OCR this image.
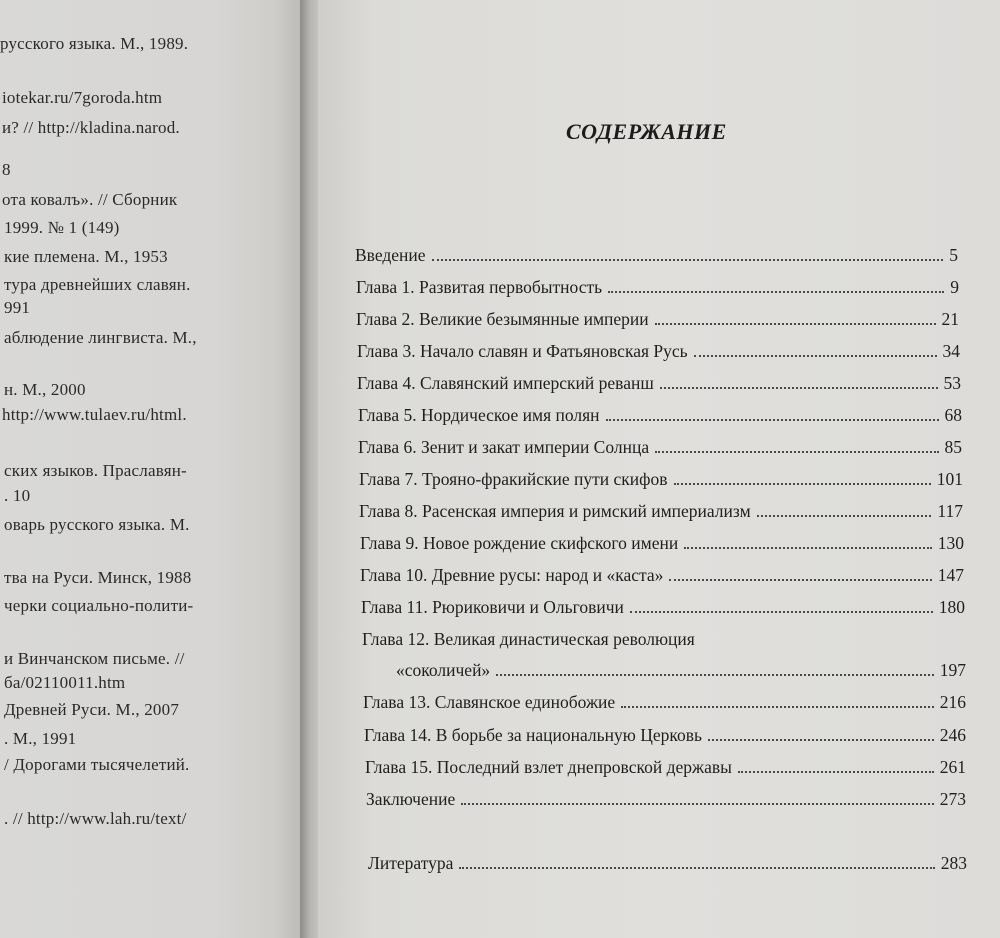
русского языка. М., 1989.
iotekar.ru/7goroda.htm
и? // http://kladina.narod.
8
ота ковалъ». // Сборник
1999. № 1 (149)
кие племена. М., 1953
тура древнейших славян.
991
аблюдение лингвиста. М.,
н. М., 2000
http://www.tulaev.ru/html.
ских языков. Праславян-
. 10
оварь русского языка. М.
тва на Руси. Минск, 1988
черки социально-полити-
и Винчанском письме. //
ба/02110011.htm
Древней Руси. М., 2007
. М., 1991
/ Дорогами тысячелетий.
. // http://www.lah.ru/text/
СОДЕРЖАНИЕ
Введение	5
Глава 1. Развитая первобытность	9
Глава 2. Великие безымянные империи	21
Глава 3. Начало славян и Фатьяновская Русь	34
Глава 4. Славянский имперский реванш	53
Глава 5. Нордическое имя полян	68
Глава 6. Зенит и закат империи Солнца	85
Глава 7. Трояно-фракийские пути скифов	101
Глава 8. Расенская империя и римский империализм	117
Глава 9. Новое рождение скифского имени	130
Глава 10. Древние русы: народ и «каста»	147
Глава 11. Рюриковичи и Ольговичи	180
Глава 12. Великая династическая революция
«соколичей»	197
Глава 13. Славянское единобожие	216
Глава 14. В борьбе за национальную Церковь	246
Глава 15. Последний взлет днепровской державы	261
Заключение	273
Литература	283
